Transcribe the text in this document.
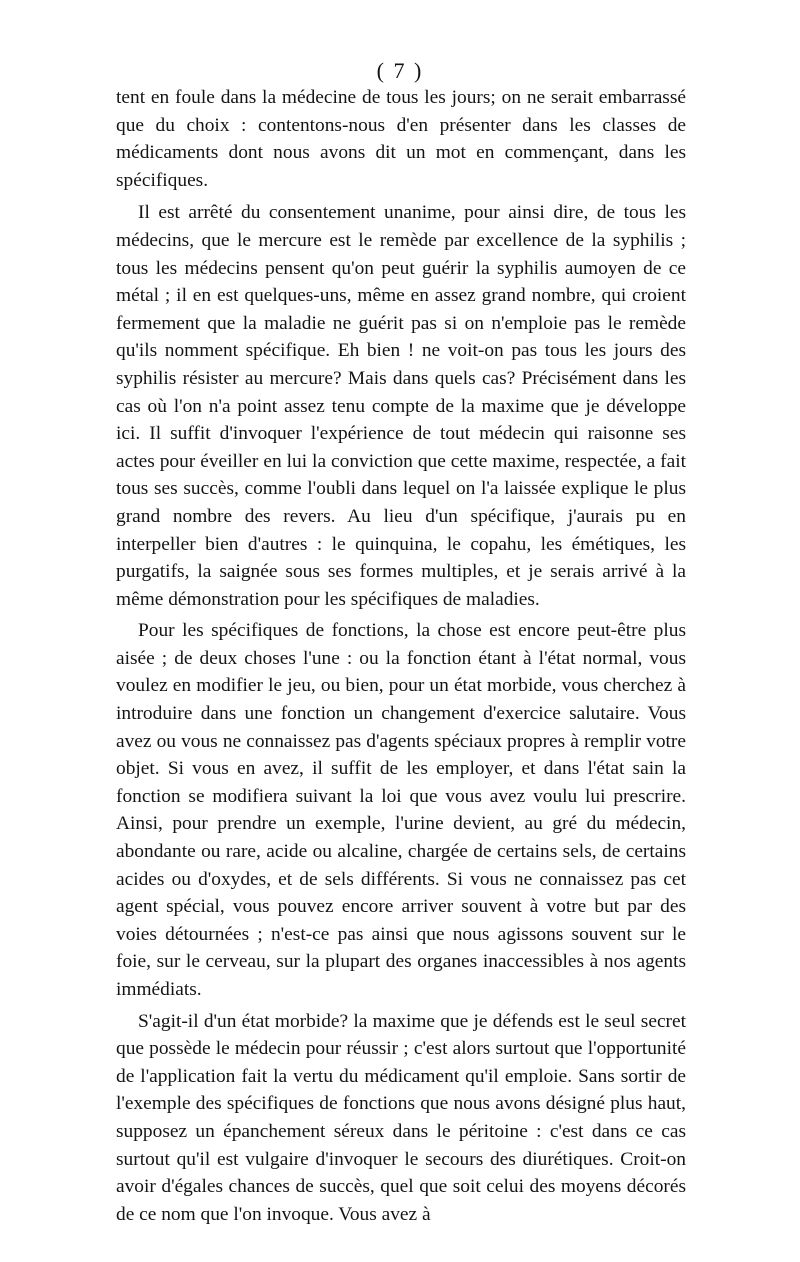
( 7 )

tent en foule dans la médecine de tous les jours; on ne serait embarrassé que du choix : contentons-nous d'en présenter dans les classes de médicaments dont nous avons dit un mot en commençant, dans les spécifiques.

Il est arrêté du consentement unanime, pour ainsi dire, de tous les médecins, que le mercure est le remède par excellence de la syphilis ; tous les médecins pensent qu'on peut guérir la syphilis aumoyen de ce métal ; il en est quelques-uns, même en assez grand nombre, qui croient fermement que la maladie ne guérit pas si on n'emploie pas le remède qu'ils nomment spécifique. Eh bien ! ne voit-on pas tous les jours des syphilis résister au mercure? Mais dans quels cas? Précisément dans les cas où l'on n'a point assez tenu compte de la maxime que je développe ici. Il suffit d'invoquer l'expérience de tout médecin qui raisonne ses actes pour éveiller en lui la conviction que cette maxime, respectée, a fait tous ses succès, comme l'oubli dans lequel on l'a laissée explique le plus grand nombre des revers. Au lieu d'un spécifique, j'aurais pu en interpeller bien d'autres : le quinquina, le copahu, les émétiques, les purgatifs, la saignée sous ses formes multiples, et je serais arrivé à la même démonstration pour les spécifiques de maladies.

Pour les spécifiques de fonctions, la chose est encore peut-être plus aisée ; de deux choses l'une : ou la fonction étant à l'état normal, vous voulez en modifier le jeu, ou bien, pour un état morbide, vous cherchez à introduire dans une fonction un changement d'exercice salutaire. Vous avez ou vous ne connaissez pas d'agents spéciaux propres à remplir votre objet. Si vous en avez, il suffit de les employer, et dans l'état sain la fonction se modifiera suivant la loi que vous avez voulu lui prescrire. Ainsi, pour prendre un exemple, l'urine devient, au gré du médecin, abondante ou rare, acide ou alcaline, chargée de certains sels, de certains acides ou d'oxydes, et de sels différents. Si vous ne connaissez pas cet agent spécial, vous pouvez encore arriver souvent à votre but par des voies détournées ; n'est-ce pas ainsi que nous agissons souvent sur le foie, sur le cerveau, sur la plupart des organes inaccessibles à nos agents immédiats.

S'agit-il d'un état morbide? la maxime que je défends est le seul secret que possède le médecin pour réussir ; c'est alors surtout que l'opportunité de l'application fait la vertu du médicament qu'il emploie. Sans sortir de l'exemple des spécifiques de fonctions que nous avons désigné plus haut, supposez un épanchement séreux dans le péritoine : c'est dans ce cas surtout qu'il est vulgaire d'invoquer le secours des diurétiques. Croit-on avoir d'égales chances de succès, quel que soit celui des moyens décorés de ce nom que l'on invoque. Vous avez à
